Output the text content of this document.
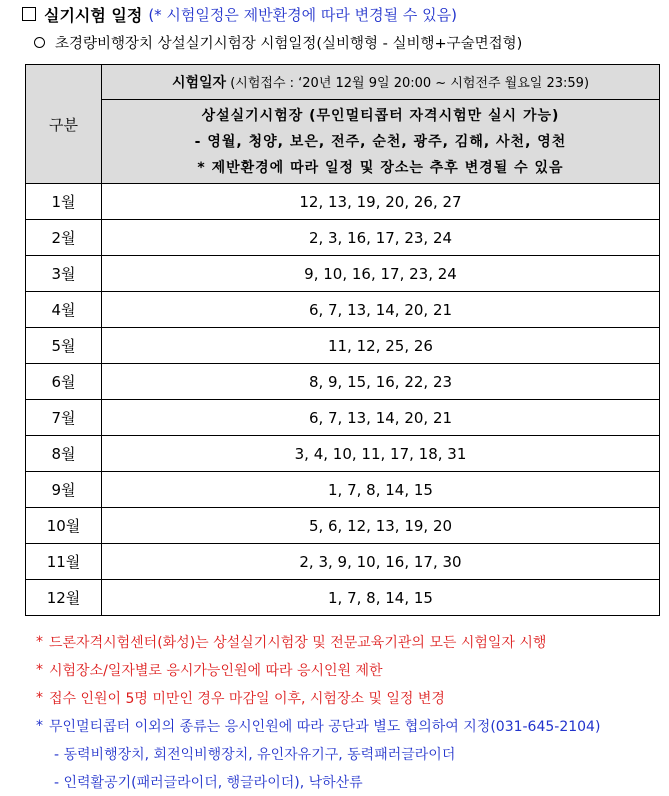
실기시험 일정 (* 시험일정은 제반환경에 따라 변경될 수 있음)
초경량비행장치 상설실기시험장 시험일정(실비행형 - 실비행+구술면접형)
구분	시험일자 (시험접수 : ‘20년 12월 9일 20:00 ~ 시험전주 월요일 23:59)

	상설실기시험장 (무인멀티콥터 자격시험만 실시 가능)
- 영월, 청양, 보은, 전주, 순천, 광주, 김해, 사천, 영천
* 제반환경에 따라 일정 및 장소는 추후 변경될 수 있음

1월	12, 13, 19, 20, 26, 27
2월	2, 3, 16, 17, 23, 24
3월	9, 10, 16, 17, 23, 24
4월	6, 7, 13, 14, 20, 21
5월	11, 12, 25, 26
6월	8, 9, 15, 16, 22, 23
7월	6, 7, 13, 14, 20, 21
8월	3, 4, 10, 11, 17, 18, 31
9월	1, 7, 8, 14, 15
10월	5, 6, 12, 13, 19, 20
11월	2, 3, 9, 10, 16, 17, 30
12월	1, 7, 8, 14, 15
* 드론자격시험센터(화성)는 상설실기시험장 및 전문교육기관의 모든 시험일자 시행
* 시험장소/일자별로 응시가능인원에 따라 응시인원 제한
* 접수 인원이 5명 미만인 경우 마감일 이후, 시험장소 및 일정 변경
* 무인멀티콥터 이외의 종류는 응시인원에 따라 공단과 별도 협의하여 지정(031-645-2104)
- 동력비행장치, 회전익비행장치, 유인자유기구, 동력패러글라이더
- 인력활공기(패러글라이더, 행글라이더), 낙하산류
